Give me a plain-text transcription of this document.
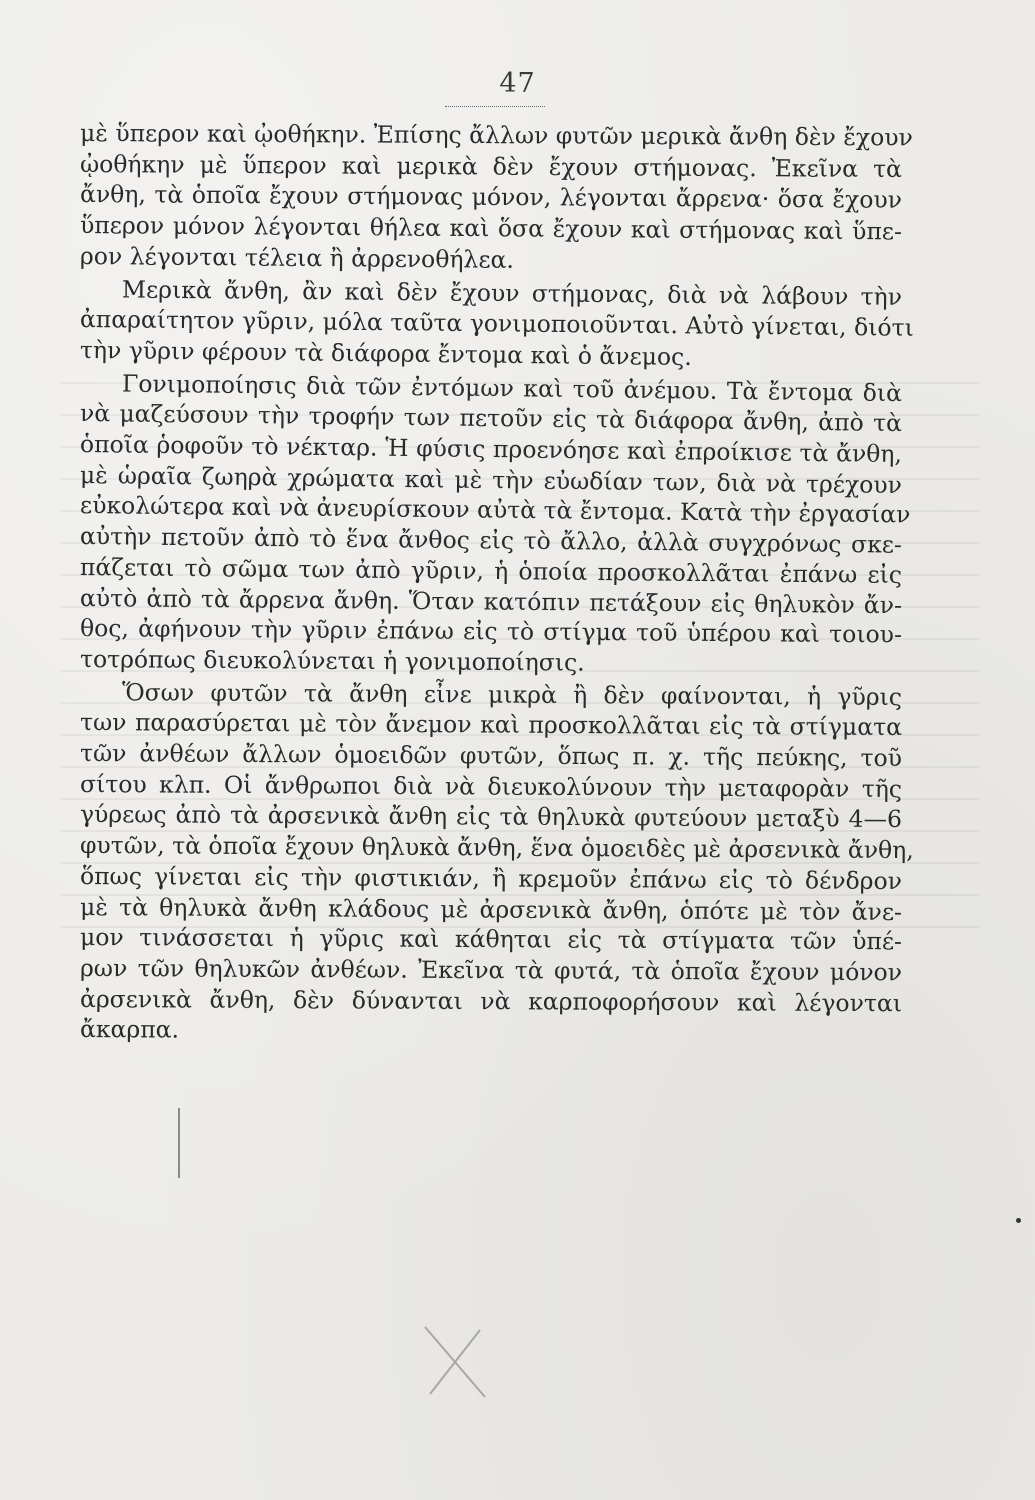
47
μὲ ὕπερον καὶ ᾠοθήκην. Ἐπίσης ἄλλων φυτῶν μερικὰ ἄνθη δὲν ἔχουν
ᾠοθήκην μὲ ὕπερον καὶ μερικὰ δὲν ἔχουν στήμονας. Ἐκεῖνα τὰ
ἄνθη, τὰ ὁποῖα ἔχουν στήμονας μόνον, λέγονται ἄρρενα· ὅσα ἔχουν
ὕπερον μόνον λέγονται θήλεα καὶ ὅσα ἔχουν καὶ στήμονας καὶ ὕπε-
ρον λέγονται τέλεια ἢ ἀρρενοθήλεα.
Μερικὰ ἄνθη, ἂν καὶ δὲν ἔχουν στήμονας, διὰ νὰ λάβουν τὴν
ἀπαραίτητον γῦριν, μόλα ταῦτα γονιμοποιοῦνται. Αὐτὸ γίνεται, διότι
τὴν γῦριν φέρουν τὰ διάφορα ἔντομα καὶ ὁ ἄνεμος.
Γονιμοποίησις διὰ τῶν ἐντόμων καὶ τοῦ ἀνέμου. Τὰ ἔντομα διὰ
νὰ μαζεύσουν τὴν τροφήν των πετοῦν εἰς τὰ διάφορα ἄνθη, ἀπὸ τὰ
ὁποῖα ῥοφοῦν τὸ νέκταρ. Ἡ φύσις προενόησε καὶ ἐπροίκισε τὰ ἄνθη,
μὲ ὡραῖα ζωηρὰ χρώματα καὶ μὲ τὴν εὐωδίαν των, διὰ νὰ τρέχουν
εὐκολώτερα καὶ νὰ ἀνευρίσκουν αὐτὰ τὰ ἔντομα. Κατὰ τὴν ἐργασίαν
αὐτὴν πετοῦν ἀπὸ τὸ ἕνα ἄνθος εἰς τὸ ἄλλο, ἀλλὰ συγχρόνως σκε-
πάζεται τὸ σῶμα των ἀπὸ γῦριν, ἡ ὁποία προσκολλᾶται ἐπάνω εἰς
αὐτὸ ἀπὸ τὰ ἄρρενα ἄνθη. Ὅταν κατόπιν πετάξουν εἰς θηλυκὸν ἄν-
θος, ἀφήνουν τὴν γῦριν ἐπάνω εἰς τὸ στίγμα τοῦ ὑπέρου καὶ τοιου-
τοτρόπως διευκολύνεται ἡ γονιμοποίησις.
Ὅσων φυτῶν τὰ ἄνθη εἶνε μικρὰ ἢ δὲν φαίνονται, ἡ γῦρις
των παρασύρεται μὲ τὸν ἄνεμον καὶ προσκολλᾶται εἰς τὰ στίγματα
τῶν ἀνθέων ἄλλων ὁμοειδῶν φυτῶν, ὅπως π. χ. τῆς πεύκης, τοῦ
σίτου κλπ. Οἱ ἄνθρωποι διὰ νὰ διευκολύνουν τὴν μεταφορὰν τῆς
γύρεως ἀπὸ τὰ ἀρσενικὰ ἄνθη εἰς τὰ θηλυκὰ φυτεύουν μεταξὺ 4—6
φυτῶν, τὰ ὁποῖα ἔχουν θηλυκὰ ἄνθη, ἕνα ὁμοειδὲς μὲ ἀρσενικὰ ἄνθη,
ὅπως γίνεται εἰς τὴν φιστικιάν, ἢ κρεμοῦν ἐπάνω εἰς τὸ δένδρον
μὲ τὰ θηλυκὰ ἄνθη κλάδους μὲ ἀρσενικὰ ἄνθη, ὁπότε μὲ τὸν ἄνε-
μον τινάσσεται ἡ γῦρις καὶ κάθηται εἰς τὰ στίγματα τῶν ὑπέ-
ρων τῶν θηλυκῶν ἀνθέων. Ἐκεῖνα τὰ φυτά, τὰ ὁποῖα ἔχουν μόνον
ἀρσενικὰ ἄνθη, δὲν δύνανται νὰ καρποφορήσουν καὶ λέγονται
ἄκαρπα.
